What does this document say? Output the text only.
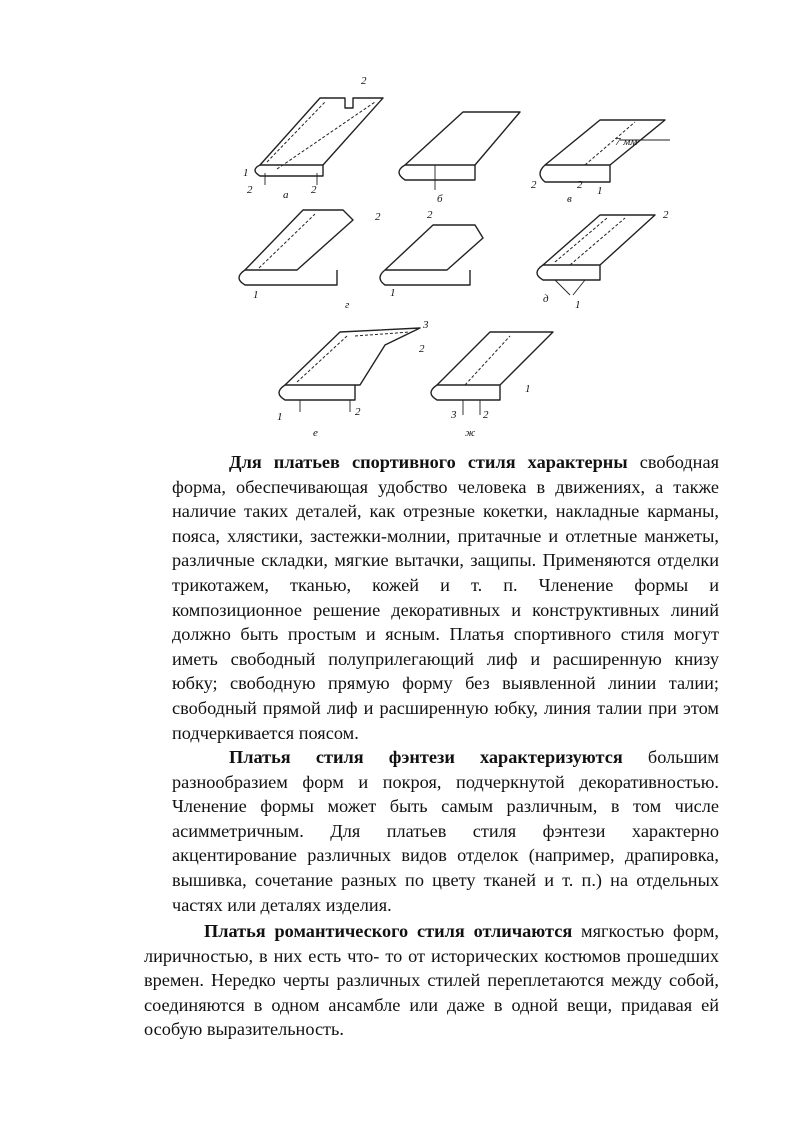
2
1
2	2
а	б
7 мм
2	2 1
в
2	2
1	1
г
2
1
д
3
2
1	2
е
1
3 2
ж

Для платьев спортивного стиля характерны свободная форма, обеспечивающая удобство человека в движениях, а также наличие таких деталей, как отрезные кокетки, накладные карманы, пояса, хлястики, застежки-молнии, притачные и отлетные манжеты, различные складки, мягкие вытачки, защипы. Применяются отделки трикотажем, тканью, кожей и т. п. Членение формы и композиционное решение декоративных и конструктивных линий должно быть простым и ясным. Платья спортивного стиля могут иметь свободный полуприлегающий лиф и расширенную книзу юбку; свободную прямую форму без выявленной линии талии; свободный прямой лиф и расширенную юбку, линия талии при этом подчеркивается поясом.

Платья стиля фэнтези характеризуются большим разнообразием форм и покроя, подчеркнутой декоративностью. Членение формы может быть самым различным, в том числе асимметричным. Для платьев стиля фэнтези характерно акцентирование различных видов отделок (например, драпировка, вышивка, сочетание разных по цвету тканей и т. п.) на отдельных частях или деталях изделия.

Платья романтического стиля отличаются мягкостью форм, лиричностью, в них есть что- то от исторических костюмов прошедших времен. Нередко черты различных стилей переплетаются между собой, соединяются в одном ансамбле или даже в одной вещи, придавая ей особую выразительность.
